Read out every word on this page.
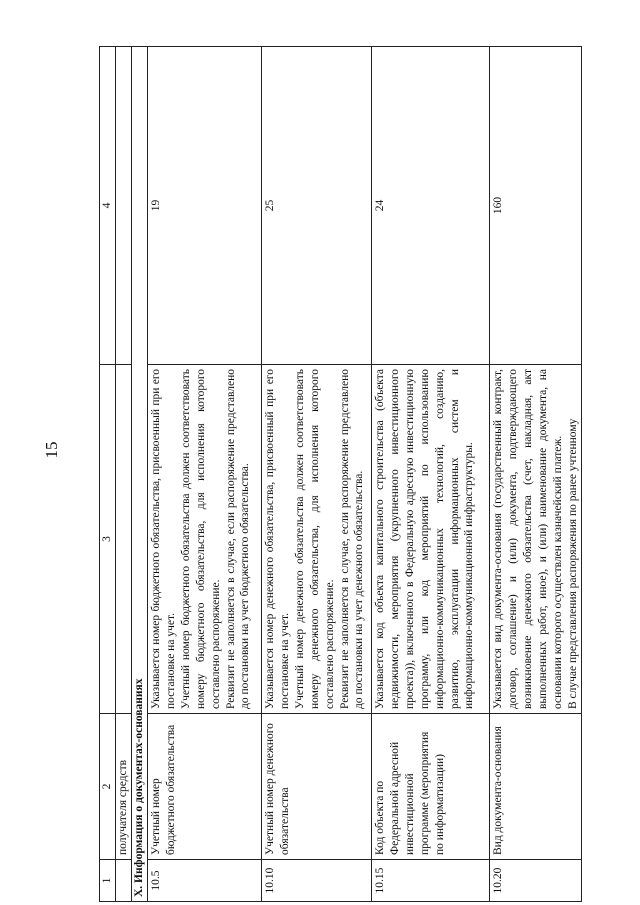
15
1	2	3	4
	получателя средств		
X. Информация о документах-основаниях			
10.5	Учетный номер бюджетного обязательства	Указывается номер бюджетного обязательства, присвоенный при его постановке на учет. Учетный номер бюджетного обязательства должен соответствовать номеру бюджетного обязательства, для исполнения которого составлено распоряжение. Реквизит не заполняется в случае, если распоряжение представлено до постановки на учет бюджетного обязательства.	19
10.10	Учетный номер денежного обязательства	Указывается номер денежного обязательства, присвоенный при его постановке на учет. Учетный номер денежного обязательства должен соответствовать номеру денежного обязательства, для исполнения которого составлено распоряжение. Реквизит не заполняется в случае, если распоряжение представлено до постановки на учет денежного обязательства.	25
10.15	Код объекта по Федеральной адресной инвестиционной программе (мероприятия по информатизации)	Указывается код объекта капитального строительства (объекта недвижимости, мероприятия (укрупненного инвестиционного проекта)), включенного в Федеральную адресную инвестиционную программу, или код мероприятий по использованию информационно-коммуникационных технологий, созданию, развитию, эксплуатации информационных систем и информационно-коммуникационной инфраструктуры.	24
10.20	Вид документа-основания	Указывается вид документа-основания (государственный контракт, договор, соглашение) и (или) документа, подтверждающего возникновение денежного обязательства (счет, накладная, акт выполненных работ, иное), и (или) наименование документа, на основании которого осуществлен казначейский платеж. В случае представления распоряжения по ранее учтенному	160
